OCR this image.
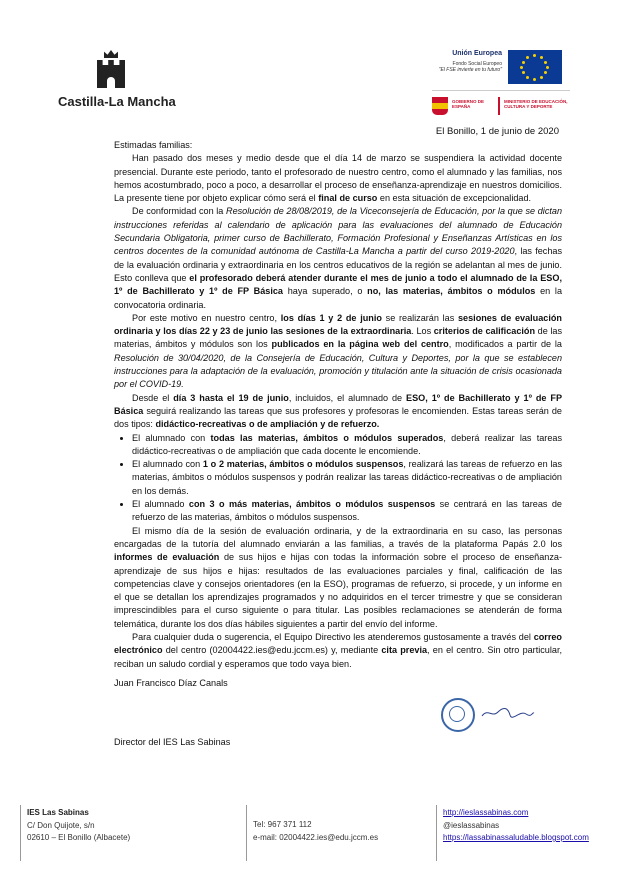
Castilla-La Mancha
Unión Europea
Fondo Social Europeo
"El FSE invierte en tu futuro"
GOBIERNO DE ESPAÑA
MINISTERIO DE EDUCACIÓN, CULTURA Y DEPORTE
El Bonillo, 1 de junio de 2020

Estimadas familias:

Han pasado dos meses y medio desde que el día 14 de marzo se suspendiera la actividad docente presencial. Durante este periodo, tanto el profesorado de nuestro centro, como el alumnado y las familias, nos hemos acostumbrado, poco a poco, a desarrollar el proceso de enseñanza-aprendizaje en nuestros domicilios. La presente tiene por objeto explicar cómo será el final de curso en esta situación de excepcionalidad.

De conformidad con la Resolución de 28/08/2019, de la Viceconsejería de Educación, por la que se dictan instrucciones referidas al calendario de aplicación para las evaluaciones del alumnado de Educación Secundaria Obligatoria, primer curso de Bachillerato, Formación Profesional y Enseñanzas Artísticas en los centros docentes de la comunidad autónoma de Castilla-La Mancha a partir del curso 2019-2020, las fechas de la evaluación ordinaria y extraordinaria en los centros educativos de la región se adelantan al mes de junio. Esto conlleva que el profesorado deberá atender durante el mes de junio a todo el alumnado de la ESO, 1º de Bachillerato y 1º de FP Básica haya superado, o no, las materias, ámbitos o módulos en la convocatoria ordinaria.

Por este motivo en nuestro centro, los días 1 y 2 de junio se realizarán las sesiones de evaluación ordinaria y los días 22 y 23 de junio las sesiones de la extraordinaria. Los criterios de calificación de las materias, ámbitos y módulos son los publicados en la página web del centro, modificados a partir de la Resolución de 30/04/2020, de la Consejería de Educación, Cultura y Deportes, por la que se establecen instrucciones para la adaptación de la evaluación, promoción y titulación ante la situación de crisis ocasionada por el COVID-19.

Desde el día 3 hasta el 19 de junio, incluidos, el alumnado de ESO, 1º de Bachillerato y 1º de FP Básica seguirá realizando las tareas que sus profesores y profesoras le encomienden. Estas tareas serán de dos tipos: didáctico-recreativas o de ampliación y de refuerzo.

• El alumnado con todas las materias, ámbitos o módulos superados, deberá realizar las tareas didáctico-recreativas o de ampliación que cada docente le encomiende.
• El alumnado con 1 o 2 materias, ámbitos o módulos suspensos, realizará las tareas de refuerzo en las materias, ámbitos o módulos suspensos y podrán realizar las tareas didáctico-recreativas o de ampliación en los demás.
• El alumnado con 3 o más materias, ámbitos o módulos suspensos se centrará en las tareas de refuerzo de las materias, ámbitos o módulos suspensos.

El mismo día de la sesión de evaluación ordinaria, y de la extraordinaria en su caso, las personas encargadas de la tutoría del alumnado enviarán a las familias, a través de la plataforma Papás 2.0 los informes de evaluación de sus hijos e hijas con todas la información sobre el proceso de enseñanza-aprendizaje de sus hijos e hijas: resultados de las evaluaciones parciales y final, calificación de las competencias clave y consejos orientadores (en la ESO), programas de refuerzo, si procede, y un informe en el que se detallan los aprendizajes programados y no adquiridos en el tercer trimestre y que se consideran imprescindibles para el curso siguiente o para titular. Las posibles reclamaciones se atenderán de forma telemática, durante los dos días hábiles siguientes a partir del envío del informe.

Para cualquier duda o sugerencia, el Equipo Directivo les atenderemos gustosamente a través del correo electrónico del centro (02004422.ies@edu.jccm.es) y, mediante cita previa, en el centro. Sin otro particular, reciban un saludo cordial y esperamos que todo vaya bien.

Juan Francisco Díaz Canals

Director del IES Las Sabinas

IES Las Sabinas
C/ Don Quijote, s/n
02610 – El Bonillo (Albacete)
Tel: 967 371 112
e-mail: 02004422.ies@edu.jccm.es
http://ieslassabinas.com
@ieslassabinas
https://lassabinassaludable.blogspot.com
